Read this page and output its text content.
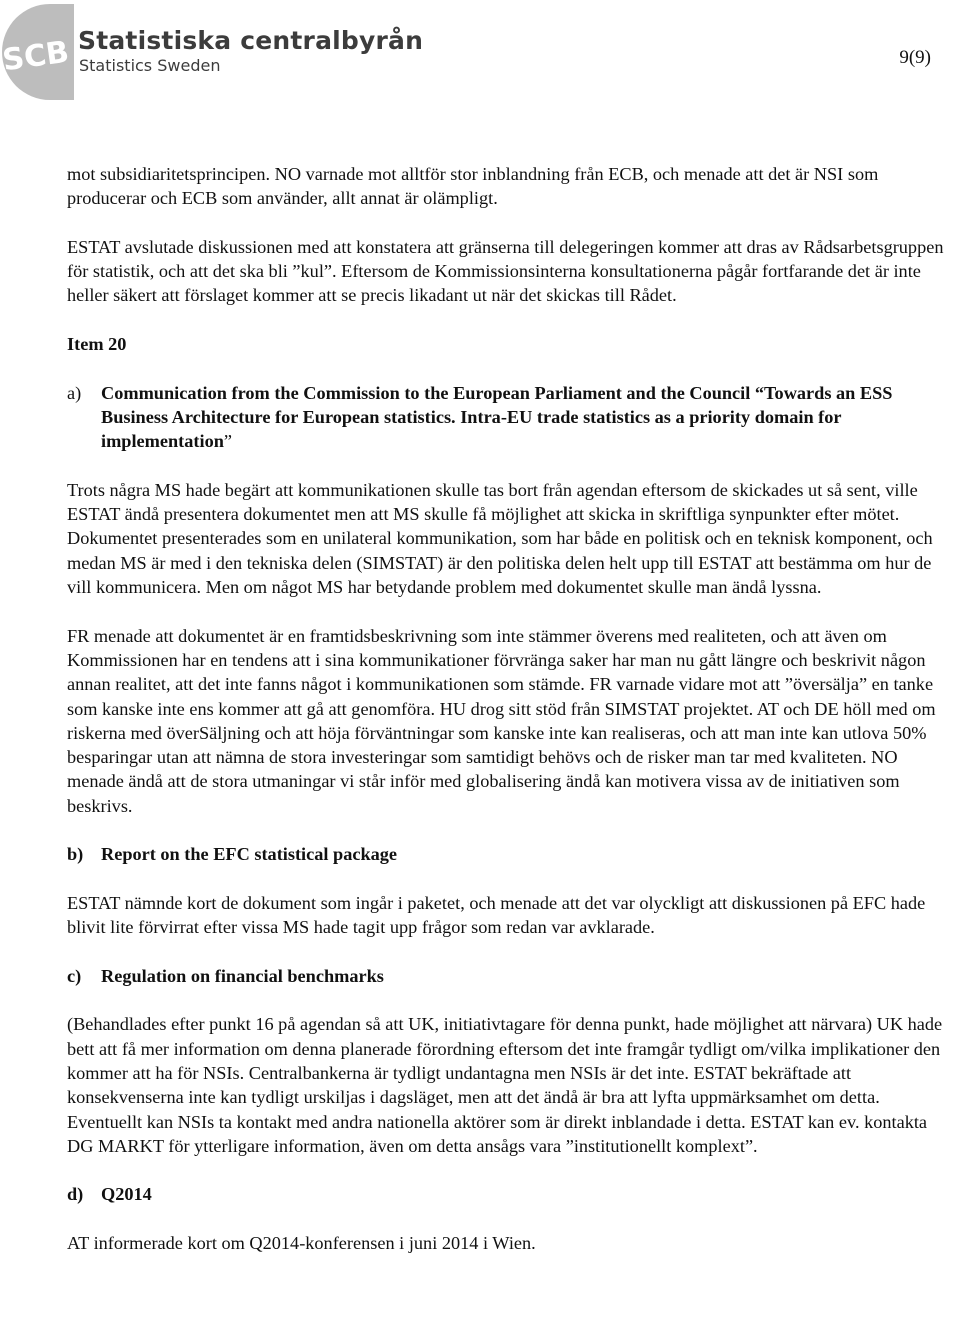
SCB Statistiska centralbyrån
Statistics Sweden	9(9)

mot subsidiaritetsprincipen. NO varnade mot alltför stor inblandning från ECB, och menade att det är NSI som producerar och ECB som använder, allt annat är olämpligt.

ESTAT avslutade diskussionen med att konstatera att gränserna till delegeringen kommer att dras av Rådsarbetsgruppen för statistik, och att det ska bli ”kul”. Eftersom de Kommissionsinterna konsultationerna pågår fortfarande det är inte heller säkert att förslaget kommer att se precis likadant ut när det skickas till Rådet.

Item 20

a)	Communication from the Commission to the European Parliament and the Council “Towards an ESS Business Architecture for European statistics. Intra-EU trade statistics as a priority domain for implementation”

Trots några MS hade begärt att kommunikationen skulle tas bort från agendan eftersom de skickades ut så sent, ville ESTAT ändå presentera dokumentet men att MS skulle få möjlighet att skicka in skriftliga synpunkter efter mötet. Dokumentet presenterades som en unilateral kommunikation, som har både en politisk och en teknisk komponent, och medan MS är med i den tekniska delen (SIMSTAT) är den politiska delen helt upp till ESTAT att bestämma om hur de vill kommunicera. Men om något MS har betydande problem med dokumentet skulle man ändå lyssna.

FR menade att dokumentet är en framtidsbeskrivning som inte stämmer överens med realiteten, och att även om Kommissionen har en tendens att i sina kommunikationer förvränga saker har man nu gått längre och beskrivit någon annan realitet, att det inte fanns något i kommunikationen som stämde. FR varnade vidare mot att ”översälja” en tanke som kanske inte ens kommer att gå att genomföra. HU drog sitt stöd från SIMSTAT projektet. AT och DE höll med om riskerna med överSäljning och att höja förväntningar som kanske inte kan realiseras, och att man inte kan utlova 50% besparingar utan att nämna de stora investeringar som samtidigt behövs och de risker man tar med kvaliteten. NO menade ändå att de stora utmaningar vi står inför med globalisering ändå kan motivera vissa av de initiativen som beskrivs.

b) Report on the EFC statistical package

ESTAT nämnde kort de dokument som ingår i paketet, och menade att det var olyckligt att diskussionen på EFC hade blivit lite förvirrat efter vissa MS hade tagit upp frågor som redan var avklarade.

c)	Regulation on financial benchmarks

(Behandlades efter punkt 16 på agendan så att UK, initiativtagare för denna punkt, hade möjlighet att närvara) UK hade bett att få mer information om denna planerade förordning eftersom det inte framgår tydligt om/vilka implikationer den kommer att ha för NSIs. Centralbankerna är tydligt undantagna men NSIs är det inte. ESTAT bekräftade att konsekvenserna inte kan tydligt urskiljas i dagsläget, men att det ändå är bra att lyfta uppmärksamhet om detta. Eventuellt kan NSIs ta kontakt med andra nationella aktörer som är direkt inblandade i detta. ESTAT kan ev. kontakta DG MARKT för ytterligare information, även om detta ansågs vara ”institutionellt komplext”.

d) Q2014

AT informerade kort om Q2014-konferensen i juni 2014 i Wien.
